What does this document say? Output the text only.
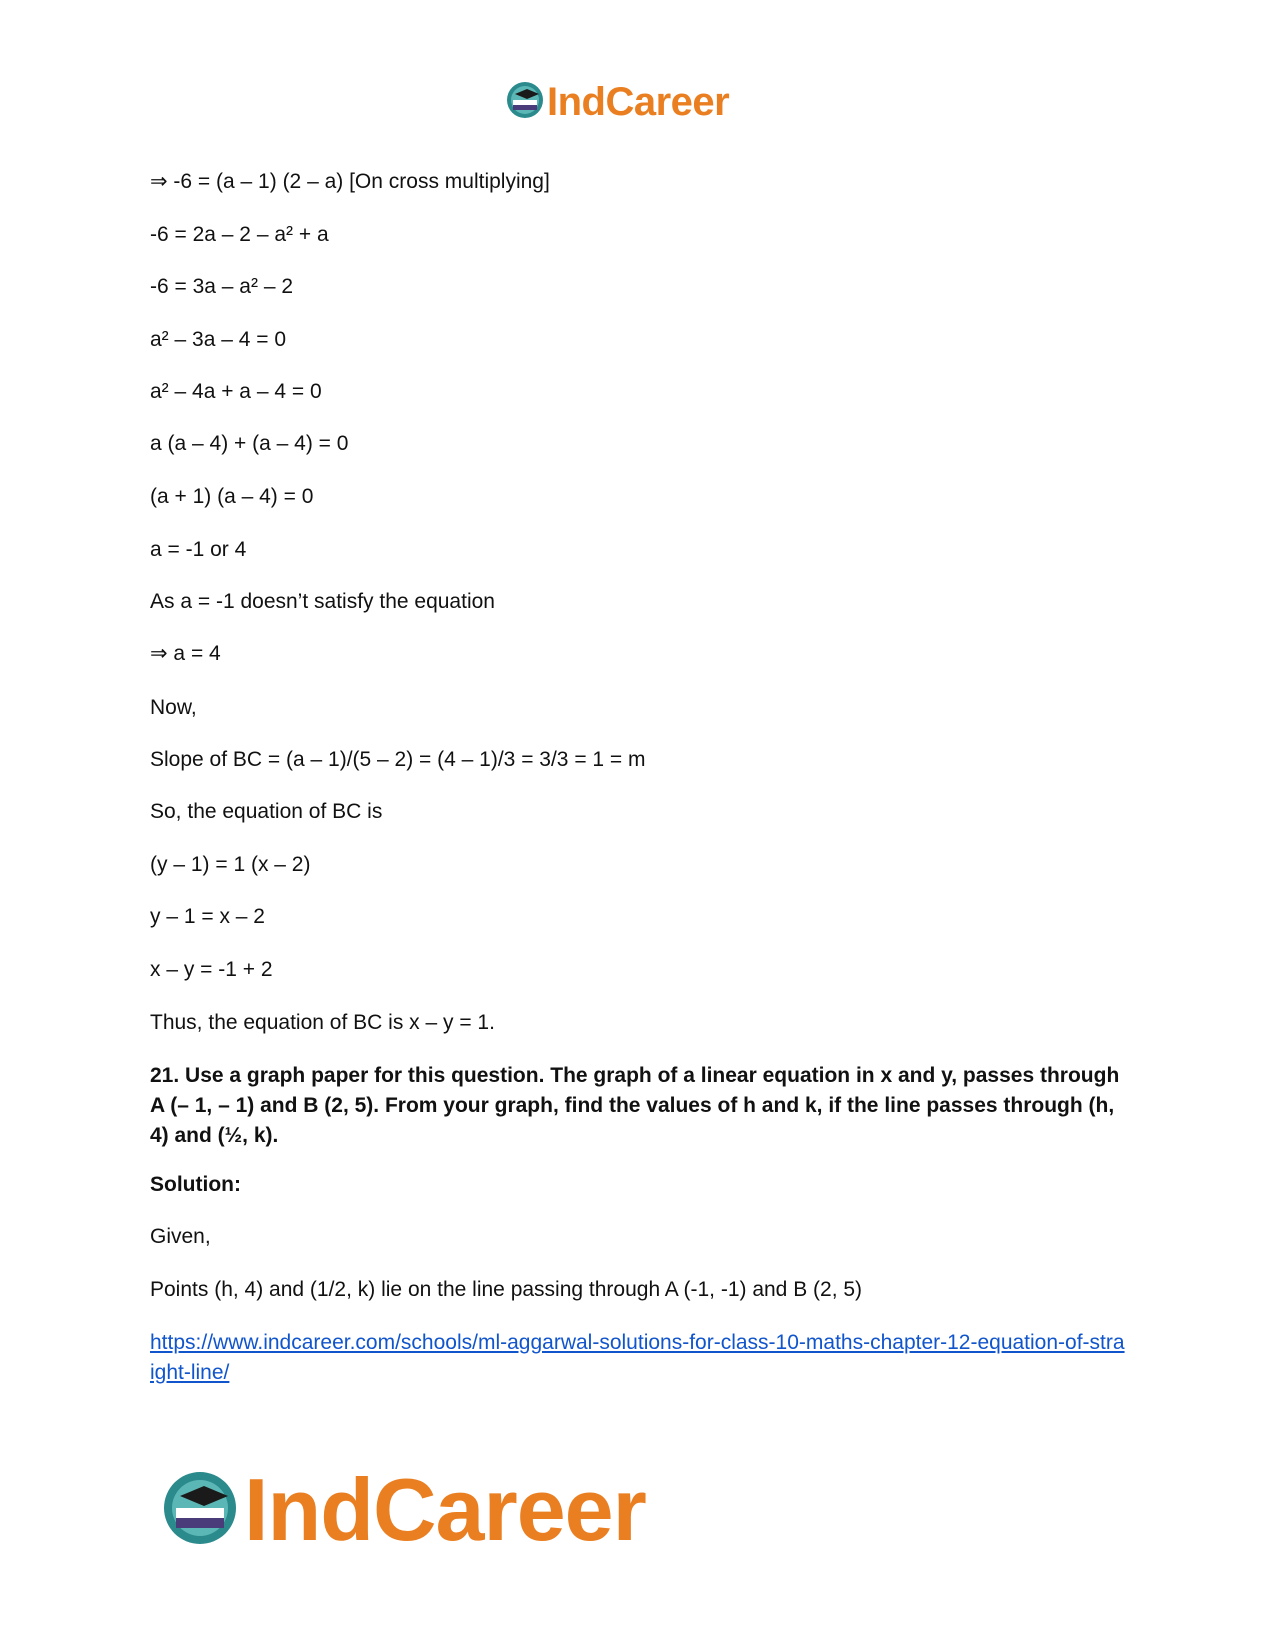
IndCareer
⇒ -6 = (a – 1) (2 – a) [On cross multiplying]
-6 = 2a – 2 – a² + a
-6 = 3a – a² – 2
a² – 3a – 4 = 0
a² – 4a + a – 4 = 0
a (a – 4) + (a – 4) = 0
(a + 1) (a – 4) = 0
a = -1 or 4
As a = -1 doesn’t satisfy the equation
⇒ a = 4
Now,
Slope of BC = (a – 1)/(5 – 2) = (4 – 1)/3 = 3/3 = 1 = m
So, the equation of BC is
(y – 1) = 1 (x – 2)
y – 1 = x – 2
x – y = -1 + 2
Thus, the equation of BC is x – y = 1.
21. Use a graph paper for this question. The graph of a linear equation in x and y, passes through A (– 1, – 1) and B (2, 5). From your graph, find the values of h and k, if the line passes through (h, 4) and (½, k).
Solution:
Given,
Points (h, 4) and (1/2, k) lie on the line passing through A (-1, -1) and B (2, 5)
https://www.indcareer.com/schools/ml-aggarwal-solutions-for-class-10-maths-chapter-12-equation-of-straight-line/
IndCareer
